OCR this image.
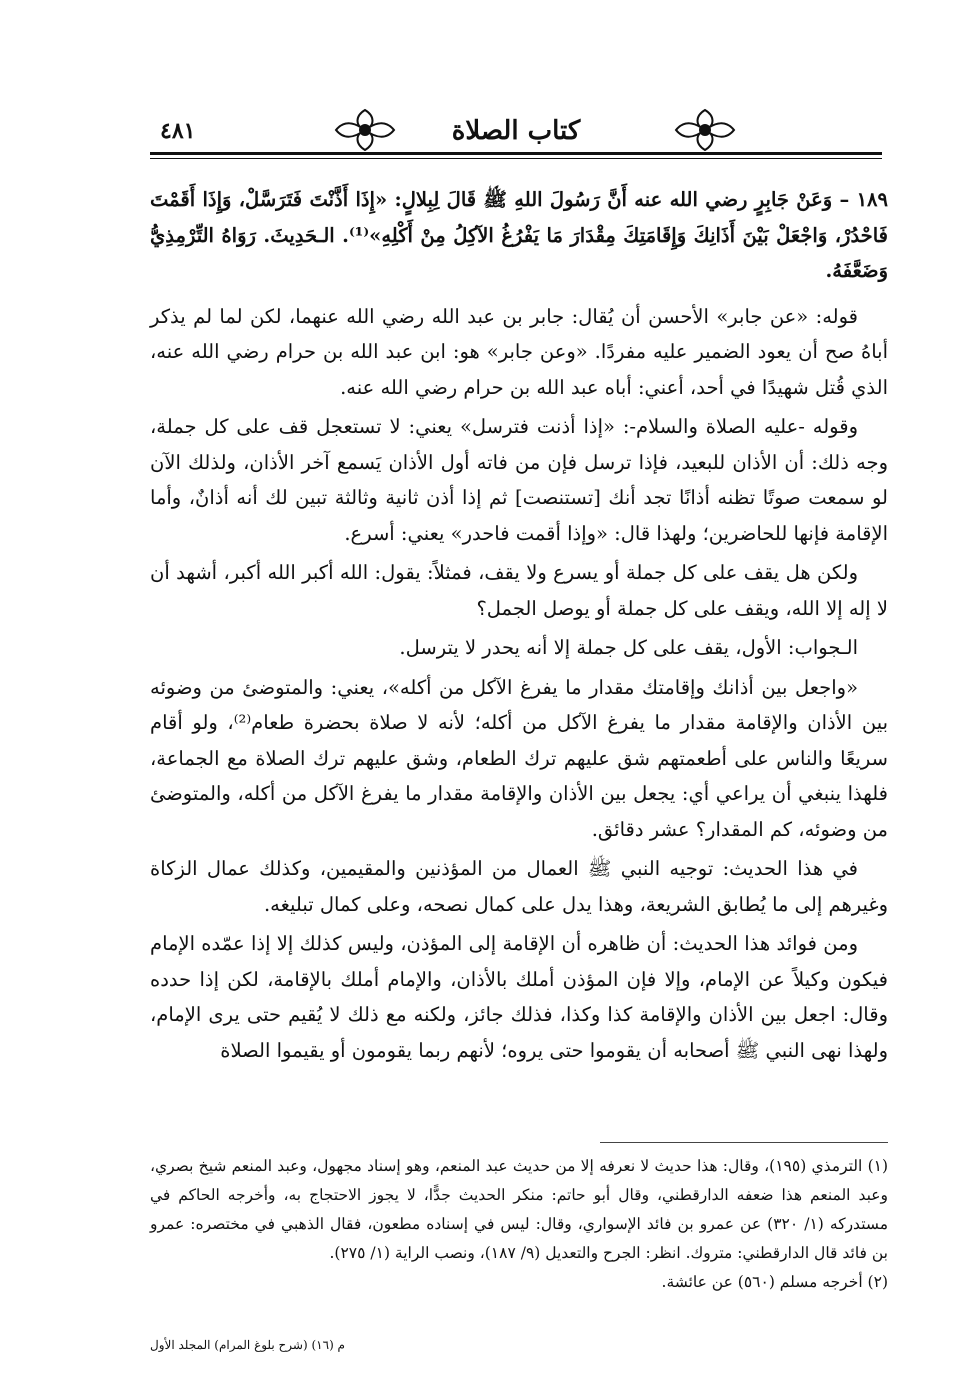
٤٨١	كتاب الصلاة

١٨٩ – وَعَنْ جَابِرٍ رضي الله عنه أَنَّ رَسُولَ اللهِ ﷺ قَالَ لِبِلالٍ: «إِذَا أَذَّنْتَ فَتَرَسَّلْ، وَإِذَا أَقَمْتَ فَاحْدُرْ، وَاجْعَلْ بَيْنَ أَذَانِكَ وَإِقَامَتِكَ مِقْدَارَ مَا يَفْرُغُ الآكِلُ مِنْ أَكْلِهِ»⁽¹⁾. الـحَدِيثَ. رَوَاهُ التِّرْمِذِيُّ وَضَعَّفَهُ.

قوله: «عن جابر» الأحسن أن يُقال: جابر بن عبد الله رضي الله عنهما، لكن لما لم يذكر أباهُ صح أن يعود الضمير عليه مفردًا. «وعن جابر» هو: ابن عبد الله بن حرام رضي الله عنه، الذي قُتل شهيدًا في أحد، أعني: أباه عبد الله بن حرام رضي الله عنه.

وقوله -عليه الصلاة والسلام-: «إذا أذنت فترسل» يعني: لا تستعجل قف على كل جملة، وجه ذلك: أن الأذان للبعيد، فإذا ترسل فإن من فاته أول الأذان يَسمع آخر الأذان، ولذلك الآن لو سمعت صوتًا تظنه أذانًا تجد أنك [تستنصت] ثم إذا أذن ثانية وثالثة تبين لك أنه أذانٌ، وأما الإقامة فإنها للحاضرين؛ ولهذا قال: «وإذا أقمت فاحدر» يعني: أسرع.

ولكن هل يقف على كل جملة أو يسرع ولا يقف، فمثلاً: يقول: الله أكبر الله أكبر، أشهد أن لا إله إلا الله، ويقف على كل جملة أو يوصل الجمل؟

الـجواب: الأول، يقف على كل جملة إلا أنه يحدر لا يترسل.

«واجعل بين أذانك وإقامتك مقدار ما يفرغ الآكل من أكله»، يعني: والمتوضئ من وضوئه بين الأذان والإقامة مقدار ما يفرغ الآكل من أكله؛ لأنه لا صلاة بحضرة طعام⁽²⁾، ولو أقام سريعًا والناس على أطعمتهم شق عليهم ترك الطعام، وشق عليهم ترك الصلاة مع الجماعة، فلهذا ينبغي أن يراعي أي: يجعل بين الأذان والإقامة مقدار ما يفرغ الآكل من أكله، والمتوضئ من وضوئه، كم المقدار؟ عشر دقائق.

في هذا الحديث: توجيه النبي ﷺ العمال من المؤذنين والمقيمين، وكذلك عمال الزكاة وغيرهم إلى ما يُطابق الشريعة، وهذا يدل على كمال نصحه، وعلى كمال تبليغه.

ومن فوائد هذا الحديث: أن ظاهره أن الإقامة إلى المؤذن، وليس كذلك إلا إذا عمّده الإمام فيكون وكيلاً عن الإمام، وإلا فإن المؤذن أملك بالأذان، والإمام أملك بالإقامة، لكن إذا حدده وقال: اجعل بين الأذان والإقامة كذا وكذا، فذلك جائز، ولكنه مع ذلك لا يُقيم حتى يرى الإمام، ولهذا نهى النبي ﷺ أصحابه أن يقوموا حتى يروه؛ لأنهم ربما يقومون أو يقيموا الصلاة

(١) الترمذي (١٩٥)، وقال: هذا حديث لا نعرفه إلا من حديث عبد المنعم، وهو إسناد مجهول، وعبد المنعم شيخ بصري، وعبد المنعم هذا ضعفه الدارقطني، وقال أبو حاتم: منكر الحديث جدًّا، لا يجوز الاحتجاج به، وأخرجه الحاكم في مستدركه (١/ ٣٢٠) عن عمرو بن فائد الإسواري، وقال: ليس في إسناده مطعون، فقال الذهبي في مختصره: عمرو بن فائد قال الدارقطني: متروك. انظر: الجرح والتعديل (٩/ ١٨٧)، ونصب الراية (١/ ٢٧٥).

(٢) أخرجه مسلم (٥٦٠) عن عائشة.

م (١٦) (شرح بلوغ المرام) المجلد الأول
